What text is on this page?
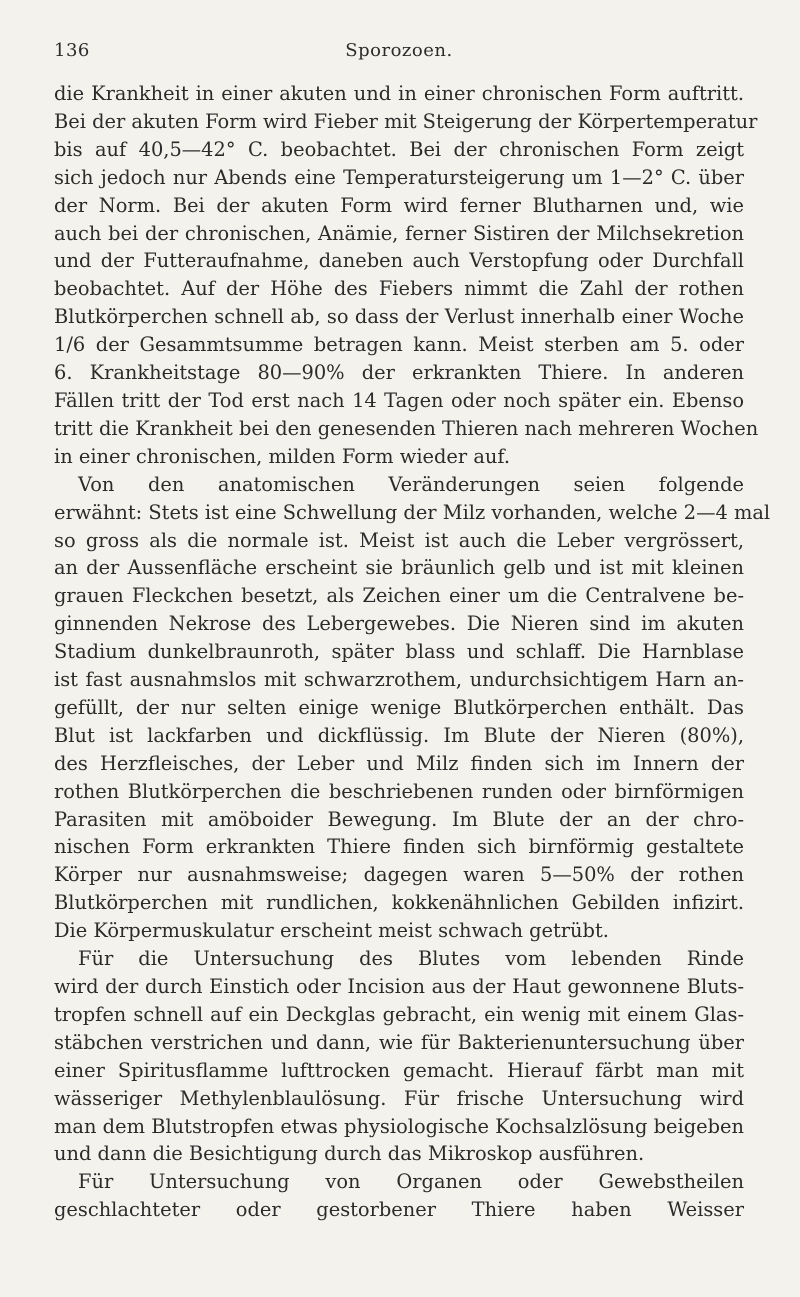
136	Sporozoen.

die Krankheit in einer akuten und in einer chronischen Form auftritt.

Bei der akuten Form wird Fieber mit Steigerung der Körpertemperatur

bis auf 40,5—42° C. beobachtet. Bei der chronischen Form zeigt

sich jedoch nur Abends eine Temperatursteigerung um 1—2° C. über

der Norm. Bei der akuten Form wird ferner Blutharnen und, wie

auch bei der chronischen, Anämie, ferner Sistiren der Milchsekretion

und der Futteraufnahme, daneben auch Verstopfung oder Durchfall

beobachtet. Auf der Höhe des Fiebers nimmt die Zahl der rothen

Blutkörperchen schnell ab, so dass der Verlust innerhalb einer Woche

1/6 der Gesammtsumme betragen kann. Meist sterben am 5. oder

6. Krankheitstage 80—90% der erkrankten Thiere. In anderen

Fällen tritt der Tod erst nach 14 Tagen oder noch später ein. Ebenso

tritt die Krankheit bei den genesenden Thieren nach mehreren Wochen

in einer chronischen, milden Form wieder auf.

Von den anatomischen Veränderungen seien folgende

erwähnt: Stets ist eine Schwellung der Milz vorhanden, welche 2—4 mal

so gross als die normale ist. Meist ist auch die Leber vergrössert,

an der Aussenfläche erscheint sie bräunlich gelb und ist mit kleinen

grauen Fleckchen besetzt, als Zeichen einer um die Centralvene be-

ginnenden Nekrose des Lebergewebes. Die Nieren sind im akuten

Stadium dunkelbraunroth, später blass und schlaff. Die Harnblase

ist fast ausnahmslos mit schwarzrothem, undurchsichtigem Harn an-

gefüllt, der nur selten einige wenige Blutkörperchen enthält. Das

Blut ist lackfarben und dickflüssig. Im Blute der Nieren (80%),

des Herzfleisches, der Leber und Milz finden sich im Innern der

rothen Blutkörperchen die beschriebenen runden oder birnförmigen

Parasiten mit amöboider Bewegung. Im Blute der an der chro-

nischen Form erkrankten Thiere finden sich birnförmig gestaltete

Körper nur ausnahmsweise; dagegen waren 5—50% der rothen

Blutkörperchen mit rundlichen, kokkenähnlichen Gebilden infizirt.

Die Körpermuskulatur erscheint meist schwach getrübt.

Für die Untersuchung des Blutes vom lebenden Rinde

wird der durch Einstich oder Incision aus der Haut gewonnene Bluts-

tropfen schnell auf ein Deckglas gebracht, ein wenig mit einem Glas-

stäbchen verstrichen und dann, wie für Bakterienuntersuchung über

einer Spiritusflamme lufttrocken gemacht. Hierauf färbt man mit

wässeriger Methylenblaulösung. Für frische Untersuchung wird

man dem Blutstropfen etwas physiologische Kochsalzlösung beigeben

und dann die Besichtigung durch das Mikroskop ausführen.

Für Untersuchung von Organen oder Gewebstheilen

geschlachteter oder gestorbener Thiere haben Weisser
